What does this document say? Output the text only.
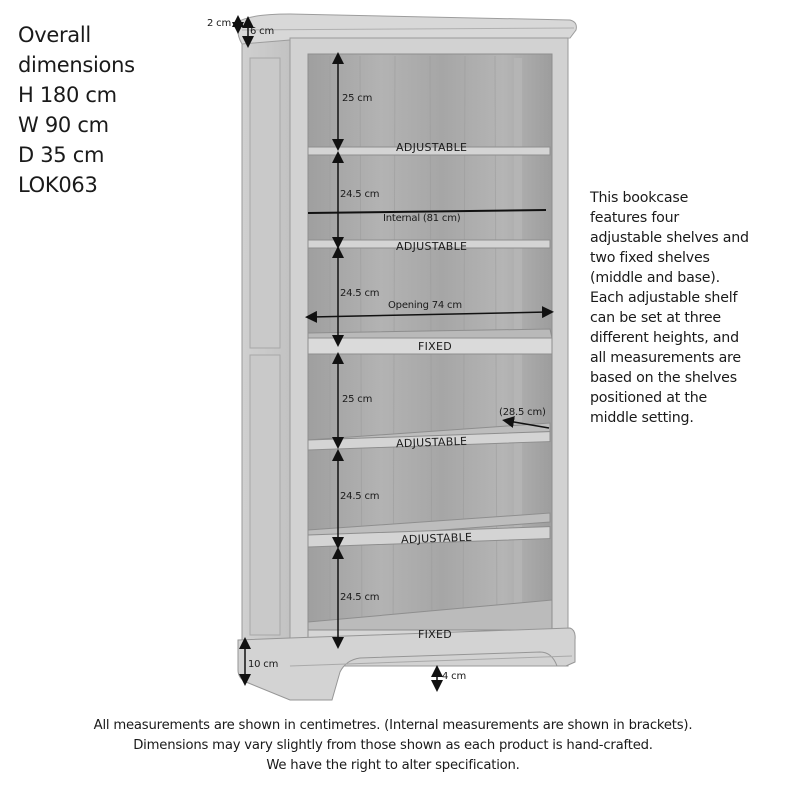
2 cm
6 cm
25 cm
24.5 cm
Internal (81 cm)
24.5 cm
Opening 74 cm
25 cm
(28.5 cm)
24.5 cm
24.5 cm
10 cm
4 cm
ADJUSTABLE
ADJUSTABLE
FIXED
ADJUSTABLE
ADJUSTABLE
FIXED
Overall
dimensions
H 180 cm
W 90 cm
D 35 cm
LOK063
This bookcase
features four
adjustable shelves and
two fixed shelves
(middle and base).
Each adjustable shelf
can be set at three
different heights, and
all measurements are
based on the shelves
positioned at the
middle setting.
All measurements are shown in centimetres. (Internal measurements are shown in brackets).
Dimensions may vary slightly from those shown as each product is hand-crafted.
We have the right to alter specification.
